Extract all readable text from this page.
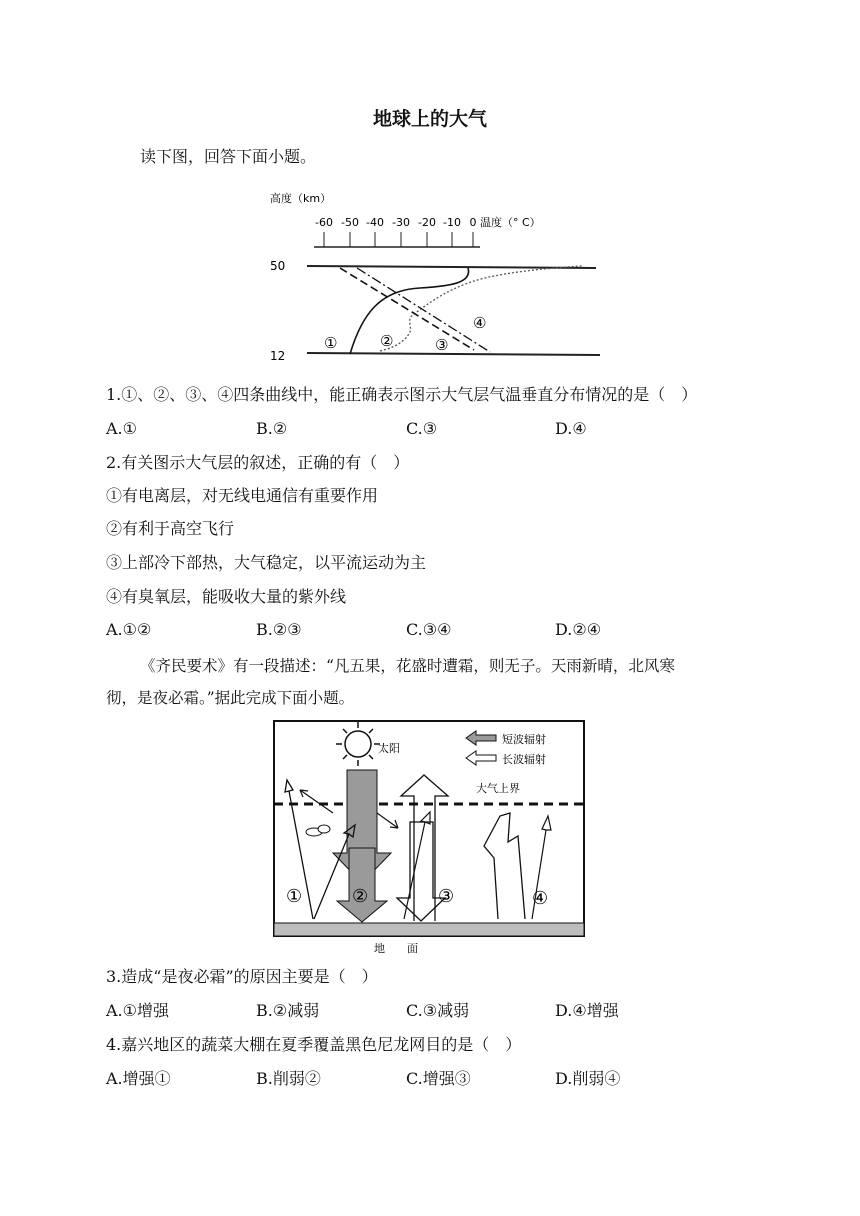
地球上的大气
读下图，回答下面小题。
高度（km）
-60 -50 -40 -30 -20 -10 0 温度（° C）
50
12
①	②	③
④
1.①、②、③、④四条曲线中，能正确表示图示大气层气温垂直分布情况的是（　）
A.①	B.②	C.③	D.④
2.有关图示大气层的叙述，正确的有（　）
①有电离层，对无线电通信有重要作用
②有利于高空飞行
③上部冷下部热，大气稳定，以平流运动为主
④有臭氧层，能吸收大量的紫外线
A.①②	B.②③	C.③④	D.②④
《齐民要术》有一段描述：“凡五果，花盛时遭霜，则无子。天雨新晴，北风寒
彻，是夜必霜。”据此完成下面小题。
太阳
短波辐射
长波辐射
大气上界
①	②	③	④
地　　面
3.造成“是夜必霜”的原因主要是（　）
A.①增强	B.②减弱	C.③减弱	D.④增强
4.嘉兴地区的蔬菜大棚在夏季覆盖黑色尼龙网目的是（　）
A.增强①	B.削弱②	C.增强③	D.削弱④
